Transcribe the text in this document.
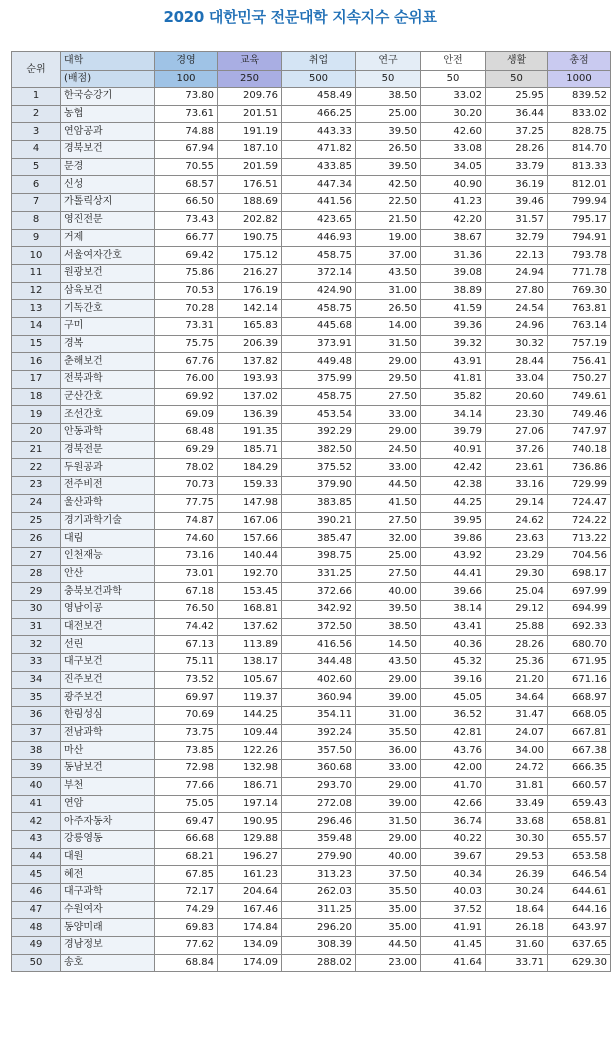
2020 대한민국 전문대학 지속지수 순위표
순위	대학	경영	교육	취업	연구	안전	생활	총점
	(배점)	100	250	500	50	50	50	1000
1	한국승강기	73.80	209.76	458.49	38.50	33.02	25.95	839.52
2	농협	73.61	201.51	466.25	25.00	30.20	36.44	833.02
3	연암공과	74.88	191.19	443.33	39.50	42.60	37.25	828.75
4	경북보건	67.94	187.10	471.82	26.50	33.08	28.26	814.70
5	문경	70.55	201.59	433.85	39.50	34.05	33.79	813.33
6	신성	68.57	176.51	447.34	42.50	40.90	36.19	812.01
7	가톨릭상지	66.50	188.69	441.56	22.50	41.23	39.46	799.94
8	영진전문	73.43	202.82	423.65	21.50	42.20	31.57	795.17
9	거제	66.77	190.75	446.93	19.00	38.67	32.79	794.91
10	서울여자간호	69.42	175.12	458.75	37.00	31.36	22.13	793.78
11	원광보건	75.86	216.27	372.14	43.50	39.08	24.94	771.78
12	삼육보건	70.53	176.19	424.90	31.00	38.89	27.80	769.30
13	기독간호	70.28	142.14	458.75	26.50	41.59	24.54	763.81
14	구미	73.31	165.83	445.68	14.00	39.36	24.96	763.14
15	경복	75.75	206.39	373.91	31.50	39.32	30.32	757.19
16	춘해보건	67.76	137.82	449.48	29.00	43.91	28.44	756.41
17	전북과학	76.00	193.93	375.99	29.50	41.81	33.04	750.27
18	군산간호	69.92	137.02	458.75	27.50	35.82	20.60	749.61
19	조선간호	69.09	136.39	453.54	33.00	34.14	23.30	749.46
20	안동과학	68.48	191.35	392.29	29.00	39.79	27.06	747.97
21	경북전문	69.29	185.71	382.50	24.50	40.91	37.26	740.18
22	두원공과	78.02	184.29	375.52	33.00	42.42	23.61	736.86
23	전주비전	70.73	159.33	379.90	44.50	42.38	33.16	729.99
24	울산과학	77.75	147.98	383.85	41.50	44.25	29.14	724.47
25	경기과학기술	74.87	167.06	390.21	27.50	39.95	24.62	724.22
26	대림	74.60	157.66	385.47	32.00	39.86	23.63	713.22
27	인천재능	73.16	140.44	398.75	25.00	43.92	23.29	704.56
28	안산	73.01	192.70	331.25	27.50	44.41	29.30	698.17
29	충북보건과학	67.18	153.45	372.66	40.00	39.66	25.04	697.99
30	영남이공	76.50	168.81	342.92	39.50	38.14	29.12	694.99
31	대전보건	74.42	137.62	372.50	38.50	43.41	25.88	692.33
32	선린	67.13	113.89	416.56	14.50	40.36	28.26	680.70
33	대구보건	75.11	138.17	344.48	43.50	45.32	25.36	671.95
34	진주보건	73.52	105.67	402.60	29.00	39.16	21.20	671.16
35	광주보건	69.97	119.37	360.94	39.00	45.05	34.64	668.97
36	한림성심	70.69	144.25	354.11	31.00	36.52	31.47	668.05
37	전남과학	73.75	109.44	392.24	35.50	42.81	24.07	667.81
38	마산	73.85	122.26	357.50	36.00	43.76	34.00	667.38
39	동남보건	72.98	132.98	360.68	33.00	42.00	24.72	666.35
40	부천	77.66	186.71	293.70	29.00	41.70	31.81	660.57
41	연암	75.05	197.14	272.08	39.00	42.66	33.49	659.43
42	아주자동차	69.47	190.95	296.46	31.50	36.74	33.68	658.81
43	강릉영동	66.68	129.88	359.48	29.00	40.22	30.30	655.57
44	대원	68.21	196.27	279.90	40.00	39.67	29.53	653.58
45	혜전	67.85	161.23	313.23	37.50	40.34	26.39	646.54
46	대구과학	72.17	204.64	262.03	35.50	40.03	30.24	644.61
47	수원여자	74.29	167.46	311.25	35.00	37.52	18.64	644.16
48	동양미래	69.83	174.84	296.20	35.00	41.91	26.18	643.97
49	경남정보	77.62	134.09	308.39	44.50	41.45	31.60	637.65
50	송호	68.84	174.09	288.02	23.00	41.64	33.71	629.30
